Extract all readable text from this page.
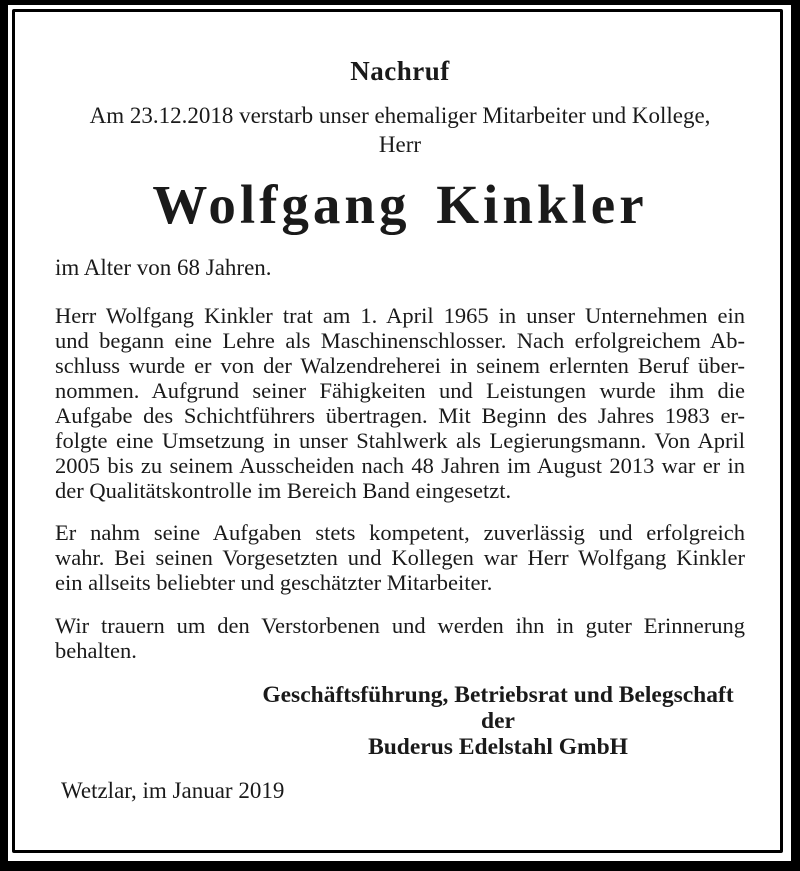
Nachruf
Am 23.12.2018 verstarb unser ehemaliger Mitarbeiter und Kollege,
Herr
Wolfgang Kinkler
im Alter von 68 Jahren.
Herr Wolfgang Kinkler trat am 1. April 1965 in unser Unternehmen ein
und begann eine Lehre als Maschinenschlosser. Nach erfolgreichem Ab-
schluss wurde er von der Walzendreherei in seinem erlernten Beruf über-
nommen. Aufgrund seiner Fähigkeiten und Leistungen wurde ihm die
Aufgabe des Schichtführers übertragen. Mit Beginn des Jahres 1983 er-
folgte eine Umsetzung in unser Stahlwerk als Legierungsmann. Von April
2005 bis zu seinem Ausscheiden nach 48 Jahren im August 2013 war er in
der Qualitätskontrolle im Bereich Band eingesetzt.
Er nahm seine Aufgaben stets kompetent, zuverlässig und erfolgreich
wahr. Bei seinen Vorgesetzten und Kollegen war Herr Wolfgang Kinkler
ein allseits beliebter und geschätzter Mitarbeiter.
Wir trauern um den Verstorbenen und werden ihn in guter Erinnerung
behalten.
Geschäftsführung, Betriebsrat und Belegschaft
der
Buderus Edelstahl GmbH
Wetzlar, im Januar 2019
